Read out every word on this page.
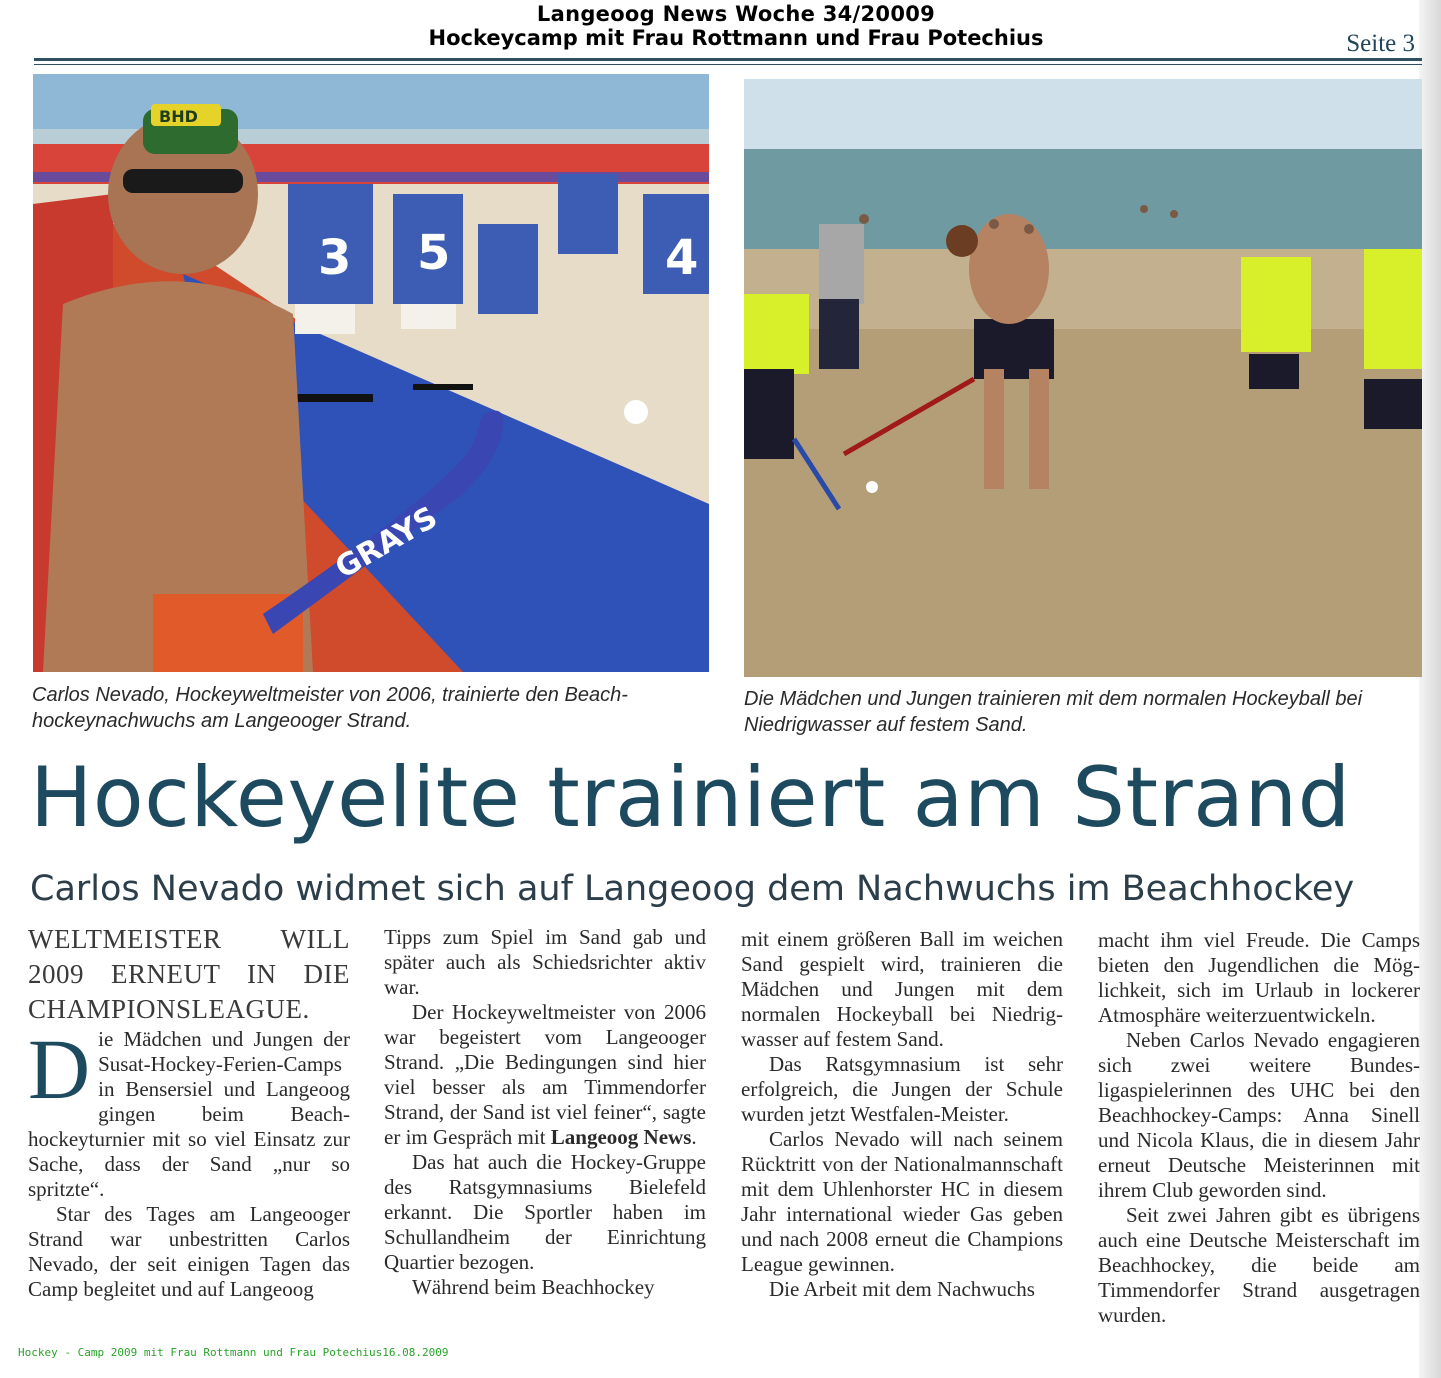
Langeoog News Woche 34/20009
Hockeycamp mit Frau Rottmann und Frau Potechius	Seite 3
3 5	4
BHD
GRAYS
Carlos Nevado, Hockeyweltmeister von 2006, trainierte den Beachhockeynachwuchs am Langeooger Strand.
Die Mädchen und Jungen trainieren mit dem normalen Hockeyball bei Niedrigwasser auf festem Sand.
Hockeyelite trainiert am Strand
Carlos Nevado widmet sich auf Langeoog dem Nachwuchs im Beachhockey

WELTMEISTER WILL 2009 ERNEUT IN DIE CHAMPIONSLEAGUE.

Die Mädchen und Jungen der Susat-Hockey-Ferien-Camps in Bensersiel und Langeoog gingen beim Beachhockeyturnier mit so viel Einsatz zur Sache, dass der Sand „nur so spritzte“.

Star des Tages am Langeooger Strand war unbestritten Carlos Nevado, der seit einigen Tagen das Camp begleitet und auf Langeoog

Tipps zum Spiel im Sand gab und später auch als Schiedsrichter aktiv war.

Der Hockeyweltmeister von 2006 war begeistert vom Langeooger Strand. „Die Bedingungen sind hier viel besser als am Timmendorfer Strand, der Sand ist viel feiner“, sagte er im Gespräch mit Langeoog News.

Das hat auch die Hockey-Gruppe des Ratsgymnasiums Bielefeld erkannt. Die Sportler haben im Schullandheim der Einrichtung Quartier bezogen.

Während beim Beachhockey

mit einem größeren Ball im weichen Sand gespielt wird, trainieren die Mädchen und Jungen mit dem normalen Hockeyball bei Niedrigwasser auf festem Sand.

Das Ratsgymnasium ist sehr erfolgreich, die Jungen der Schule wurden jetzt Westfalen-Meister.

Carlos Nevado will nach seinem Rücktritt von der Nationalmannschaft mit dem Uhlenhorster HC in diesem Jahr international wieder Gas geben und nach 2008 erneut die Champions League gewinnen.

Die Arbeit mit dem Nachwuchs

macht ihm viel Freude. Die Camps bieten den Jugendlichen die Möglichkeit, sich im Urlaub in lockerer Atmosphäre weiterzuentwickeln.

Neben Carlos Nevado engagieren sich zwei weitere Bundesligaspielerinnen des UHC bei den Beachhockey-Camps: Anna Sinell und Nicola Klaus, die in diesem Jahr erneut Deutsche Meisterinnen mit ihrem Club geworden sind.

Seit zwei Jahren gibt es übrigens auch eine Deutsche Meisterschaft im Beachhockey, die beide am Timmendorfer Strand ausgetragen wurden.

Hockey - Camp 2009 mit Frau Rottmann und Frau Potechius16.08.2009
